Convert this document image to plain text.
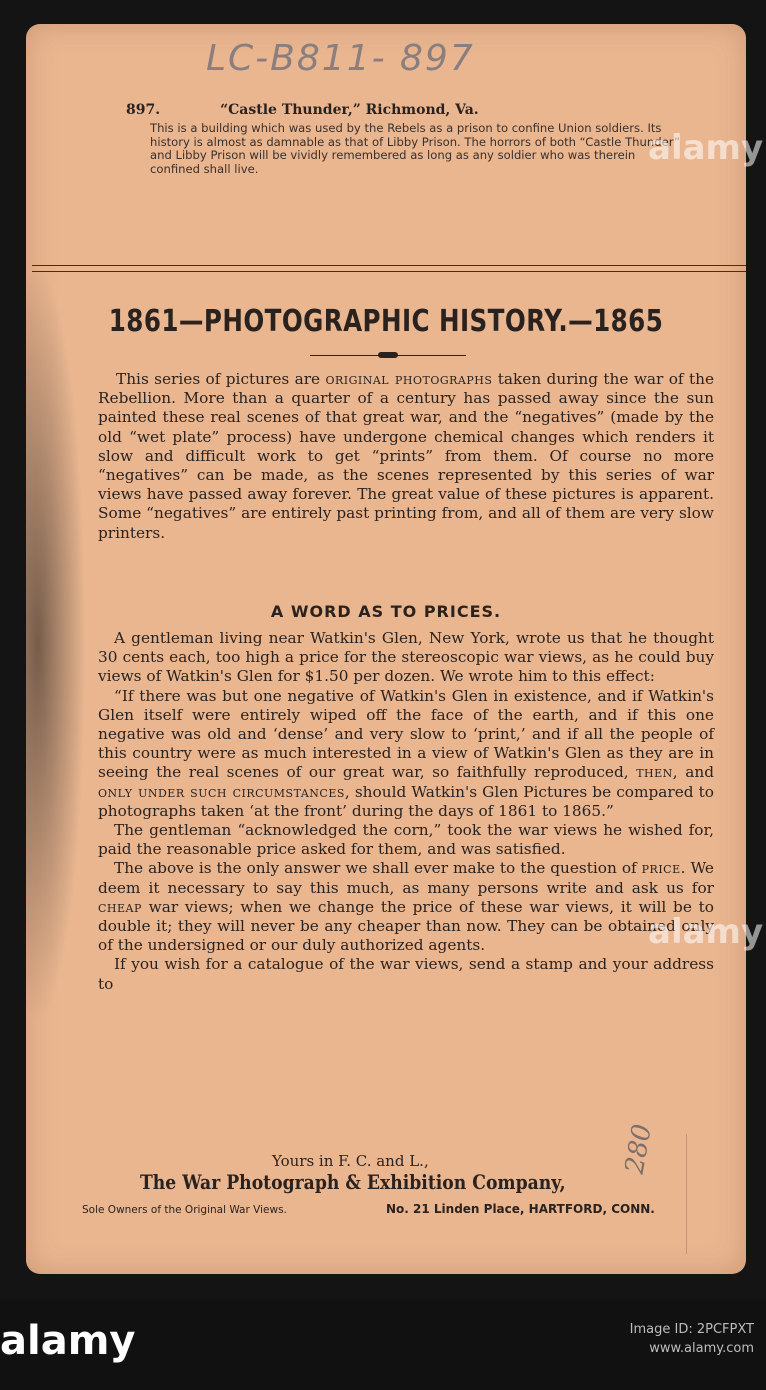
LC-B811- 897
897.	“Castle Thunder,” Richmond, Va.
This is a building which was used by the Rebels as a prison to confine Union soldiers. Its history is almost as damnable as that of Libby Prison. The horrors of both “Castle Thunder” and Libby Prison will be vividly remembered as long as any soldier who was therein confined shall live.
1861—PHOTOGRAPHIC HISTORY.—1865
This series of pictures are original photographs taken during the war of the Rebellion. More than a quarter of a century has passed away since the sun painted these real scenes of that great war, and the “negatives” (made by the old “wet plate” process) have undergone chemical changes which renders it slow and difficult work to get “prints” from them. Of course no more “negatives” can be made, as the scenes represented by this series of war views have passed away forever. The great value of these pictures is apparent. Some “negatives” are entirely past printing from, and all of them are very slow printers.
A WORD AS TO PRICES.

A gentleman living near Watkin's Glen, New York, wrote us that he thought 30 cents each, too high a price for the stereoscopic war views, as he could buy views of Watkin's Glen for $1.50 per dozen. We wrote him to this effect:

“If there was but one negative of Watkin's Glen in existence, and if Watkin's Glen itself were entirely wiped off the face of the earth, and if this one negative was old and ‘dense’ and very slow to ‘print,’ and if all the people of this country were as much interested in a view of Watkin's Glen as they are in seeing the real scenes of our great war, so faithfully reproduced, then, and only under such circumstances, should Watkin's Glen Pictures be compared to photographs taken ‘at the front’ during the days of 1861 to 1865.”

The gentleman “acknowledged the corn,” took the war views he wished for, paid the reasonable price asked for them, and was satisfied.

The above is the only answer we shall ever make to the question of price. We deem it necessary to say this much, as many persons write and ask us for cheap war views; when we change the price of these war views, it will be to double it; they will never be any cheaper than now. They can be obtained only of the undersigned or our duly authorized agents.

If you wish for a catalogue of the war views, send a stamp and your address to

Yours in F. C. and L.,
The War Photograph & Exhibition Company,
Sole Owners of the Original War Views.	No. 21 Linden Place, HARTFORD, CONN.
280
alamy
alamy
alamy	Image ID: 2PCFPXT
www.alamy.com
